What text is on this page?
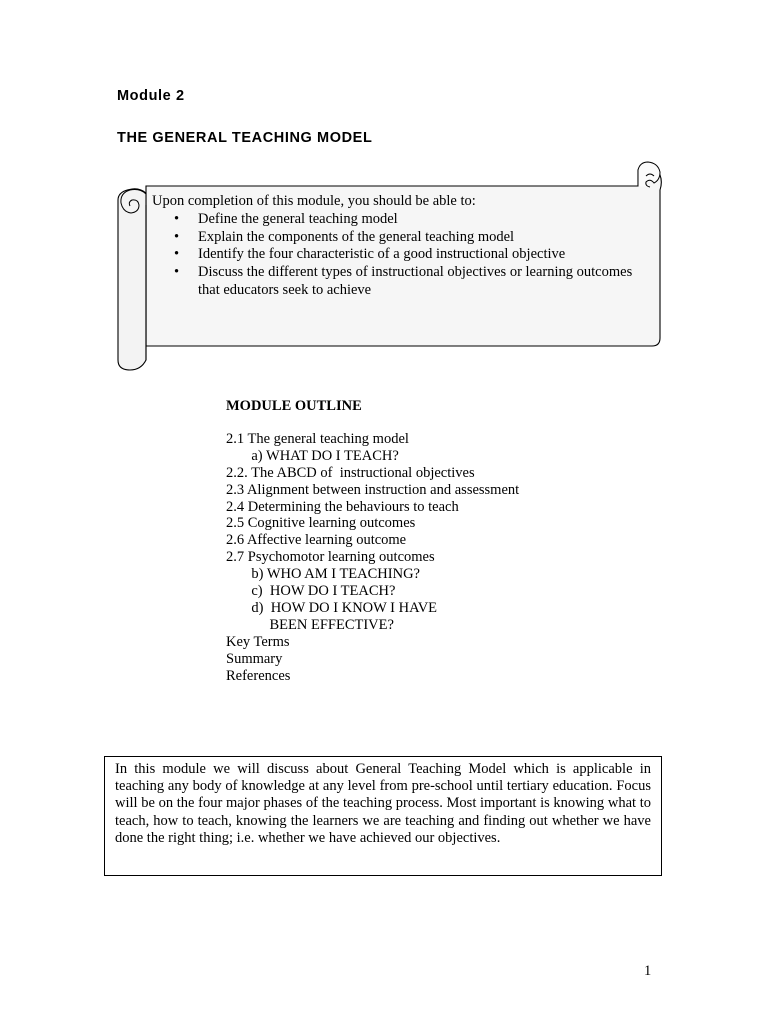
Module 2
THE GENERAL TEACHING MODEL
Upon completion of this module, you should be able to:
• Define the general teaching model
• Explain the components of the general teaching model
• Identify the four characteristic of a good instructional objective
• Discuss the different types of instructional objectives or learning outcomes that educators seek to achieve
MODULE OUTLINE
2.1 The general teaching model
a) WHAT DO I TEACH?
2.2. The ABCD of  instructional objectives
2.3 Alignment between instruction and assessment
2.4 Determining the behaviours to teach
2.5 Cognitive learning outcomes
2.6 Affective learning outcome
2.7 Psychomotor learning outcomes
b) WHO AM I TEACHING?
c)  HOW DO I TEACH?
d)  HOW DO I KNOW I HAVE
BEEN EFFECTIVE?
Key Terms
Summary
References
In this module we will discuss about General Teaching Model which is applicable in teaching any body of knowledge at any level from pre-school until tertiary education. Focus will be on the four major phases of the teaching process. Most important is knowing what to teach, how to teach, knowing the learners we are teaching and finding out whether we have done the right thing; i.e. whether we have achieved our objectives.
1
